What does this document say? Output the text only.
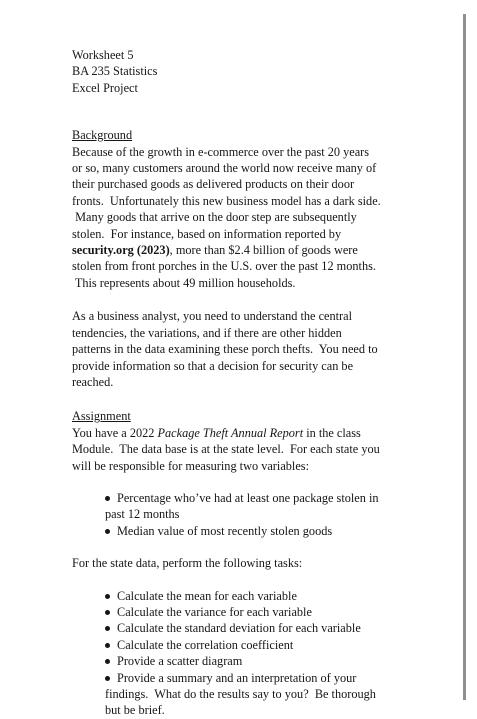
Worksheet 5
BA 235 Statistics
Excel Project
Background
Because of the growth in e-commerce over the past 20 years
or so, many customers around the world now receive many of
their purchased goods as delivered products on their door
fronts.  Unfortunately this new business model has a dark side.
Many goods that arrive on the door step are subsequently
stolen.  For instance, based on information reported by
security.org (2023), more than $2.4 billion of goods were
stolen from front porches in the U.S. over the past 12 months.
This represents about 49 million households.
As a business analyst, you need to understand the central
tendencies, the variations, and if there are other hidden
patterns in the data examining these porch thefts.  You need to
provide information so that a decision for security can be
reached.
Assignment
You have a 2022 Package Theft Annual Report in the class
Module.  The data base is at the state level.  For each state you
will be responsible for measuring two variables:
Percentage who’ve had at least one package stolen in
past 12 months
Median value of most recently stolen goods
For the state data, perform the following tasks:
Calculate the mean for each variable
Calculate the variance for each variable
Calculate the standard deviation for each variable
Calculate the correlation coefficient
Provide a scatter diagram
Provide a summary and an interpretation of your
findings.  What do the results say to you?  Be thorough
but be brief.
